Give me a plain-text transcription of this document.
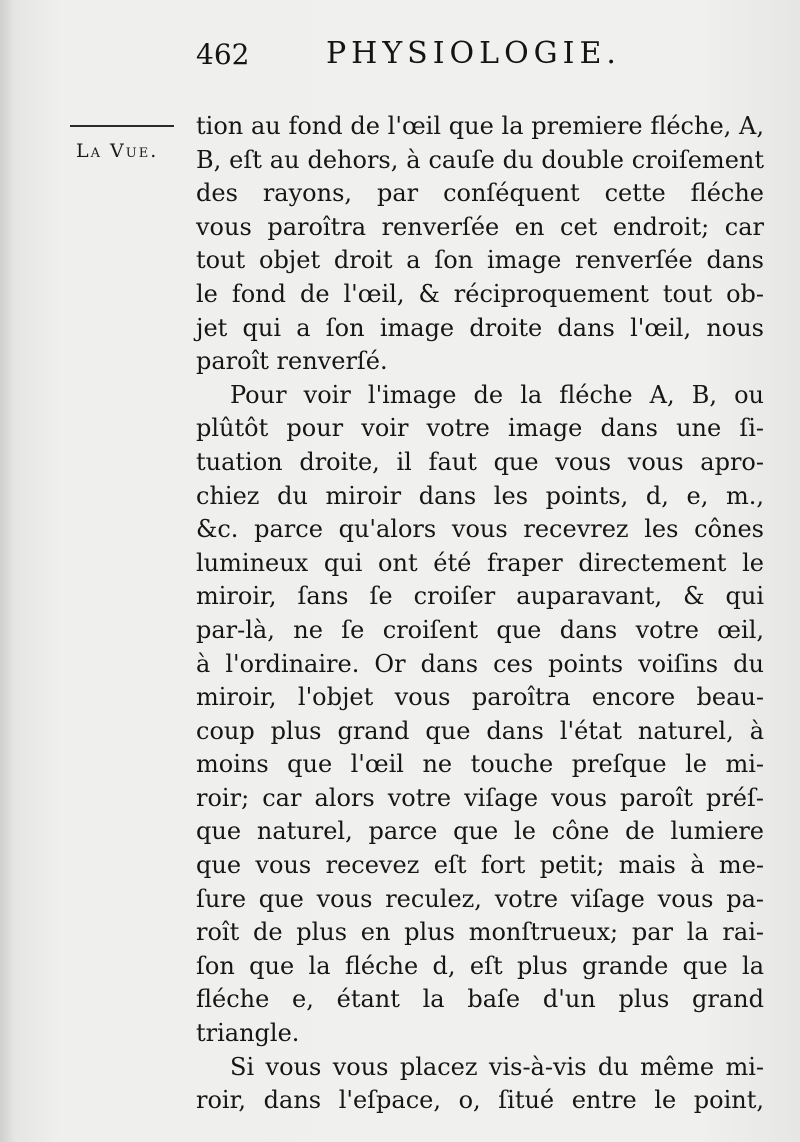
462	PHYSIOLOGIE.
La Vue.
tion au fond de l'œil que la premiere fléche, A,
B, eſt au dehors, à cauſe du double croiſement
des rayons, par conſéquent cette fléche
vous paroîtra renverſée en cet endroit; car
tout objet droit a ſon image renverſée dans
le fond de l'œil, & réciproquement tout ob-
jet qui a ſon image droite dans l'œil, nous
paroît renverſé.
Pour voir l'image de la fléche A, B, ou
plûtôt pour voir votre image dans une ſi-
tuation droite, il faut que vous vous apro-
chiez du miroir dans les points, d, e, m.,
&c. parce qu'alors vous recevrez les cônes
lumineux qui ont été fraper directement le
miroir, ſans ſe croiſer auparavant, & qui
par-là, ne ſe croiſent que dans votre œil,
à l'ordinaire. Or dans ces points voiſins du
miroir, l'objet vous paroîtra encore beau-
coup plus grand que dans l'état naturel, à
moins que l'œil ne touche preſque le mi-
roir; car alors votre viſage vous paroît préſ-
que naturel, parce que le cône de lumiere
que vous recevez eſt fort petit; mais à me-
ſure que vous reculez, votre viſage vous pa-
roît de plus en plus monſtrueux; par la rai-
ſon que la fléche d, eſt plus grande que la
fléche e, étant la baſe d'un plus grand
triangle.
Si vous vous placez vis-à-vis du même mi-
roir, dans l'eſpace, o, ſitué entre le point,
